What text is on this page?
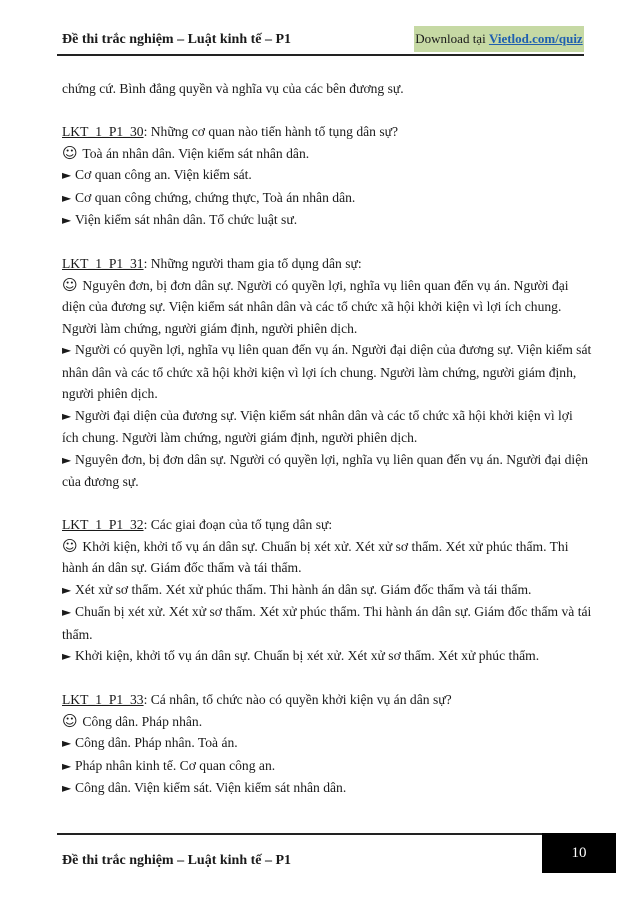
Đề thi trắc nghiệm – Luật kinh tế – P1	Download tại Vietlod.com/quiz

chứng cứ. Bình đẳng quyền và nghĩa vụ của các bên đương sự.

LKT_1_P1_30: Những cơ quan nào tiến hành tố tụng dân sự?

☺ Toà án nhân dân. Viện kiểm sát nhân dân.

► Cơ quan công an. Viện kiểm sát.

► Cơ quan công chứng, chứng thực, Toà án nhân dân.

► Viện kiểm sát nhân dân. Tổ chức luật sư.

LKT_1_P1_31: Những người tham gia tố dụng dân sự:

☺ Nguyên đơn, bị đơn dân sự. Người có quyền lợi, nghĩa vụ liên quan đến vụ án. Người đại diện của đương sự. Viện kiểm sát nhân dân và các tổ chức xã hội khởi kiện vì lợi ích chung. Người làm chứng, người giám định, người phiên dịch.

► Người có quyền lợi, nghĩa vụ liên quan đến vụ án. Người đại diện của đương sự. Viện kiểm sát nhân dân và các tổ chức xã hội khởi kiện vì lợi ích chung. Người làm chứng, người giám định, người phiên dịch.

► Người đại diện của đương sự. Viện kiểm sát nhân dân và các tổ chức xã hội khởi kiện vì lợi ích chung. Người làm chứng, người giám định, người phiên dịch.

► Nguyên đơn, bị đơn dân sự. Người có quyền lợi, nghĩa vụ liên quan đến vụ án. Người đại diện của đương sự.

LKT_1_P1_32: Các giai đoạn của tố tụng dân sự:

☺ Khởi kiện, khởi tố vụ án dân sự. Chuẩn bị xét xử. Xét xử sơ thẩm. Xét xử phúc thẩm. Thi hành án dân sự. Giám đốc thẩm và tái thẩm.

► Xét xử sơ thẩm. Xét xử phúc thẩm. Thi hành án dân sự. Giám đốc thẩm và tái thẩm.

► Chuẩn bị xét xử. Xét xử sơ thẩm. Xét xử phúc thẩm. Thi hành án dân sự. Giám đốc thẩm và tái thẩm.

► Khởi kiện, khởi tố vụ án dân sự. Chuẩn bị xét xử. Xét xử sơ thẩm. Xét xử phúc thẩm.

LKT_1_P1_33: Cá nhân, tổ chức nào có quyền khởi kiện vụ án dân sự?

☺ Công dân. Pháp nhân.

► Công dân. Pháp nhân. Toà án.

► Pháp nhân kinh tế. Cơ quan công an.

► Công dân. Viện kiểm sát. Viện kiểm sát nhân dân.

Đề thi trắc nghiệm – Luật kinh tế – P1	10
